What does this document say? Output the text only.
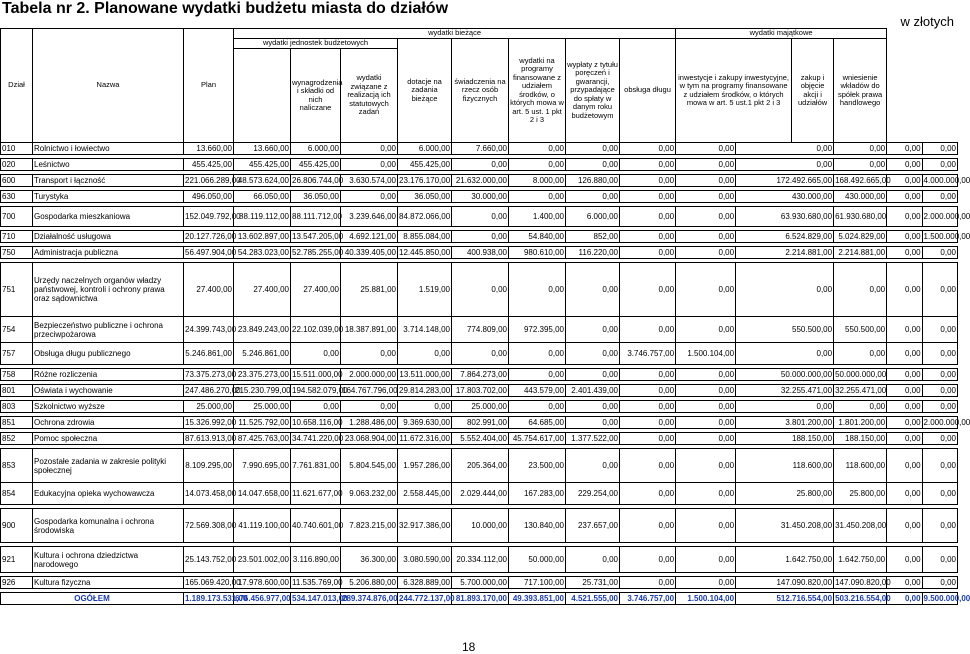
Tabela nr 2. Planowane wydatki budżetu miasta do działów
w złotych
Dział	Nazwa	Plan	wydatki bieżące								wydatki majątkowe					
			wydatki jednostek budżetowych			dotacje na zadania bieżące	świadczenia na rzecz osób fizycznych	wydatki na programy finansowane z udziałem środków, o których mowa w art. 5 ust. 1 pkt 2 i 3	wypłaty z tytułu poręczeń i gwarancji, przypadające do spłaty w danym roku budżetowym	obsługa długu	inwestycje i zakupy inwestycyjne, w tym na programy finansowane z udziałem środków, o których mowa w art. 5 ust.1 pkt 2 i 3		zakup i objęcie akcji i udziałów	wniesienie wkładów do spółek prawa handlowego		
				wynagrodzenia i składki od nich naliczane	wydatki związane z realizacją ich statutowych zadań											

010	Rolnictwo i łowiectwo	13.660,00	13.660,00	6.000,00	0,00	6.000,00	7.660,00	0,00	0,00	0,00	0,00	0,00		0,00	0,00	0,00

020	Leśnictwo	455.425,00	455.425,00	455.425,00	0,00	455.425,00	0,00	0,00	0,00	0,00	0,00	0,00		0,00	0,00	0,00

600	Transport i łączność	221.066.289,00	48.573.624,00	26.806.744,00	3.630.574,00	23.176.170,00	21.632.000,00	8.000,00	126.880,00	0,00	0,00	172.492.665,00		168.492.665,00	0,00	4.000.000,00

630	Turystyka	496.050,00	66.050,00	36.050,00	0,00	36.050,00	30.000,00	0,00	0,00	0,00	0,00	430.000,00		430.000,00	0,00	0,00

700	Gospodarka mieszkaniowa	152.049.792,00	88.119.112,00	88.111.712,00	3.239.646,00	84.872.066,00	0,00	1.400,00	6.000,00	0,00	0,00	63.930.680,00		61.930.680,00	0,00	2.000.000,00

710	Działalność usługowa	20.127.726,00	13.602.897,00	13.547.205,00	4.692.121,00	8.855.084,00	0,00	54.840,00	852,00	0,00	0,00	6.524.829,00		5.024.829,00	0,00	1.500.000,00

750	Administracja publiczna	56.497.904,00	54.283.023,00	52.785.255,00	40.339.405,00	12.445.850,00	400.938,00	980.610,00	116.220,00	0,00	0,00	2.214.881,00		2.214.881,00	0,00	0,00

751	Urzędy naczelnych organów władzy państwowej, kontroli i ochrony prawa oraz sądownictwa	27.400,00	27.400,00	27.400,00	25.881,00	1.519,00	0,00	0,00	0,00	0,00	0,00	0,00		0,00	0,00	0,00
754	Bezpieczeństwo publiczne i ochrona przeciwpożarowa	24.399.743,00	23.849.243,00	22.102.039,00	18.387.891,00	3.714.148,00	774.809,00	972.395,00	0,00	0,00	0,00	550.500,00		550.500,00	0,00	0,00
757	Obsługa długu publicznego	5.246.861,00	5.246.861,00	0,00	0,00	0,00	0,00	0,00	0,00	3.746.757,00	1.500.104,00	0,00		0,00	0,00	0,00

758	Różne rozliczenia	73.375.273,00	23.375.273,00	15.511.000,00	2.000.000,00	13.511.000,00	7.864.273,00	0,00	0,00	0,00	0,00	50.000.000,00		50.000.000,00	0,00	0,00

801	Oświata i wychowanie	247.486.270,00	215.230.799,00	194.582.079,00	164.767.796,00	29.814.283,00	17.803.702,00	443.579,00	2.401.439,00	0,00	0,00	32.255.471,00		32.255.471,00	0,00	0,00

803	Szkolnictwo wyższe	25.000,00	25.000,00	0,00	0,00	0,00	25.000,00	0,00	0,00	0,00	0,00	0,00		0,00	0,00	0,00

851	Ochrona zdrowia	15.326.992,00	11.525.792,00	10.658.116,00	1.288.486,00	9.369.630,00	802.991,00	64.685,00	0,00	0,00	0,00	3.801.200,00		1.801.200,00	0,00	2.000.000,00

852	Pomoc społeczna	87.613.913,00	87.425.763,00	34.741.220,00	23.068.904,00	11.672.316,00	5.552.404,00	45.754.617,00	1.377.522,00	0,00	0,00	188.150,00		188.150,00	0,00	0,00

853	Pozostałe zadania w zakresie polityki społecznej	8.109.295,00	7.990.695,00	7.761.831,00	5.804.545,00	1.957.286,00	205.364,00	23.500,00	0,00	0,00	0,00	118.600,00		118.600,00	0,00	0,00
854	Edukacyjna opieka wychowawcza	14.073.458,00	14.047.658,00	11.621.677,00	9.063.232,00	2.558.445,00	2.029.444,00	167.283,00	229.254,00	0,00	0,00	25.800,00		25.800,00	0,00	0,00

900	Gospodarka komunalna i ochrona środowiska	72.569.308,00	41.119.100,00	40.740.601,00	7.823.215,00	32.917.386,00	10.000,00	130.840,00	237.657,00	0,00	0,00	31.450.208,00		31.450.208,00	0,00	0,00

921	Kultura i ochrona dziedzictwa narodowego	25.143.752,00	23.501.002,00	3.116.890,00	36.300,00	3.080.590,00	20.334.112,00	50.000,00	0,00	0,00	0,00	1.642.750,00		1.642.750,00	0,00	0,00

926	Kultura fizyczna	165.069.420,00	17.978.600,00	11.535.769,00	5.206.880,00	6.328.889,00	5.700.000,00	717.100,00	25.731,00	0,00	0,00	147.090.820,00		147.090.820,00	0,00	0,00

OGÓŁEM		1.189.173.531,00	676.456.977,00	534.147.013,00	289.374.876,00	244.772.137,00	81.893.170,00	49.393.851,00	4.521.555,00	3.746.757,00	1.500.104,00	512.716.554,00		503.216.554,00	0,00	9.500.000,00
18
